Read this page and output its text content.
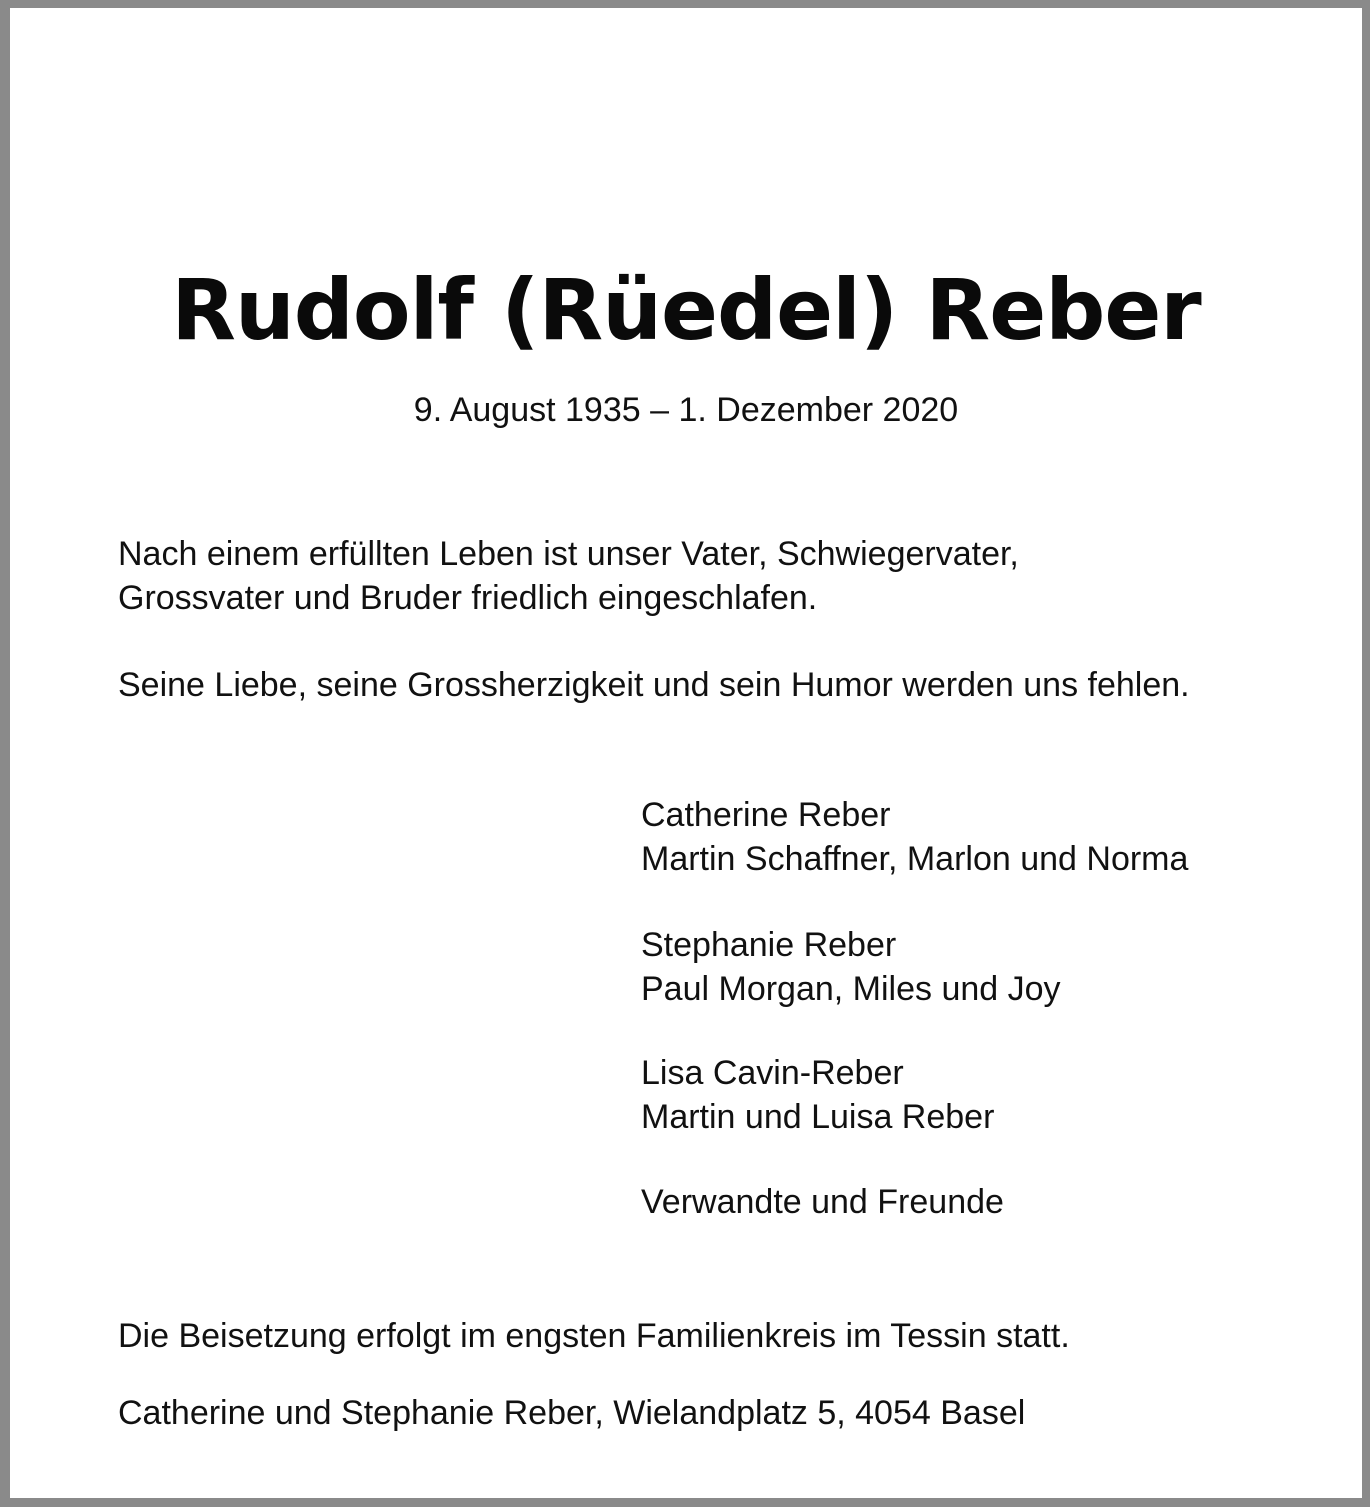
Rudolf (Rüedel) Reber
9. August 1935 – 1. Dezember 2020
Nach einem erfüllten Leben ist unser Vater, Schwiegervater,
Grossvater und Bruder friedlich eingeschlafen.
Seine Liebe, seine Grossherzigkeit und sein Humor werden uns fehlen.
Catherine Reber
Martin Schaffner, Marlon und Norma
Stephanie Reber
Paul Morgan, Miles und Joy
Lisa Cavin-Reber
Martin und Luisa Reber
Verwandte und Freunde
Die Beisetzung erfolgt im engsten Familienkreis im Tessin statt.
Catherine und Stephanie Reber, Wielandplatz 5, 4054 Basel
